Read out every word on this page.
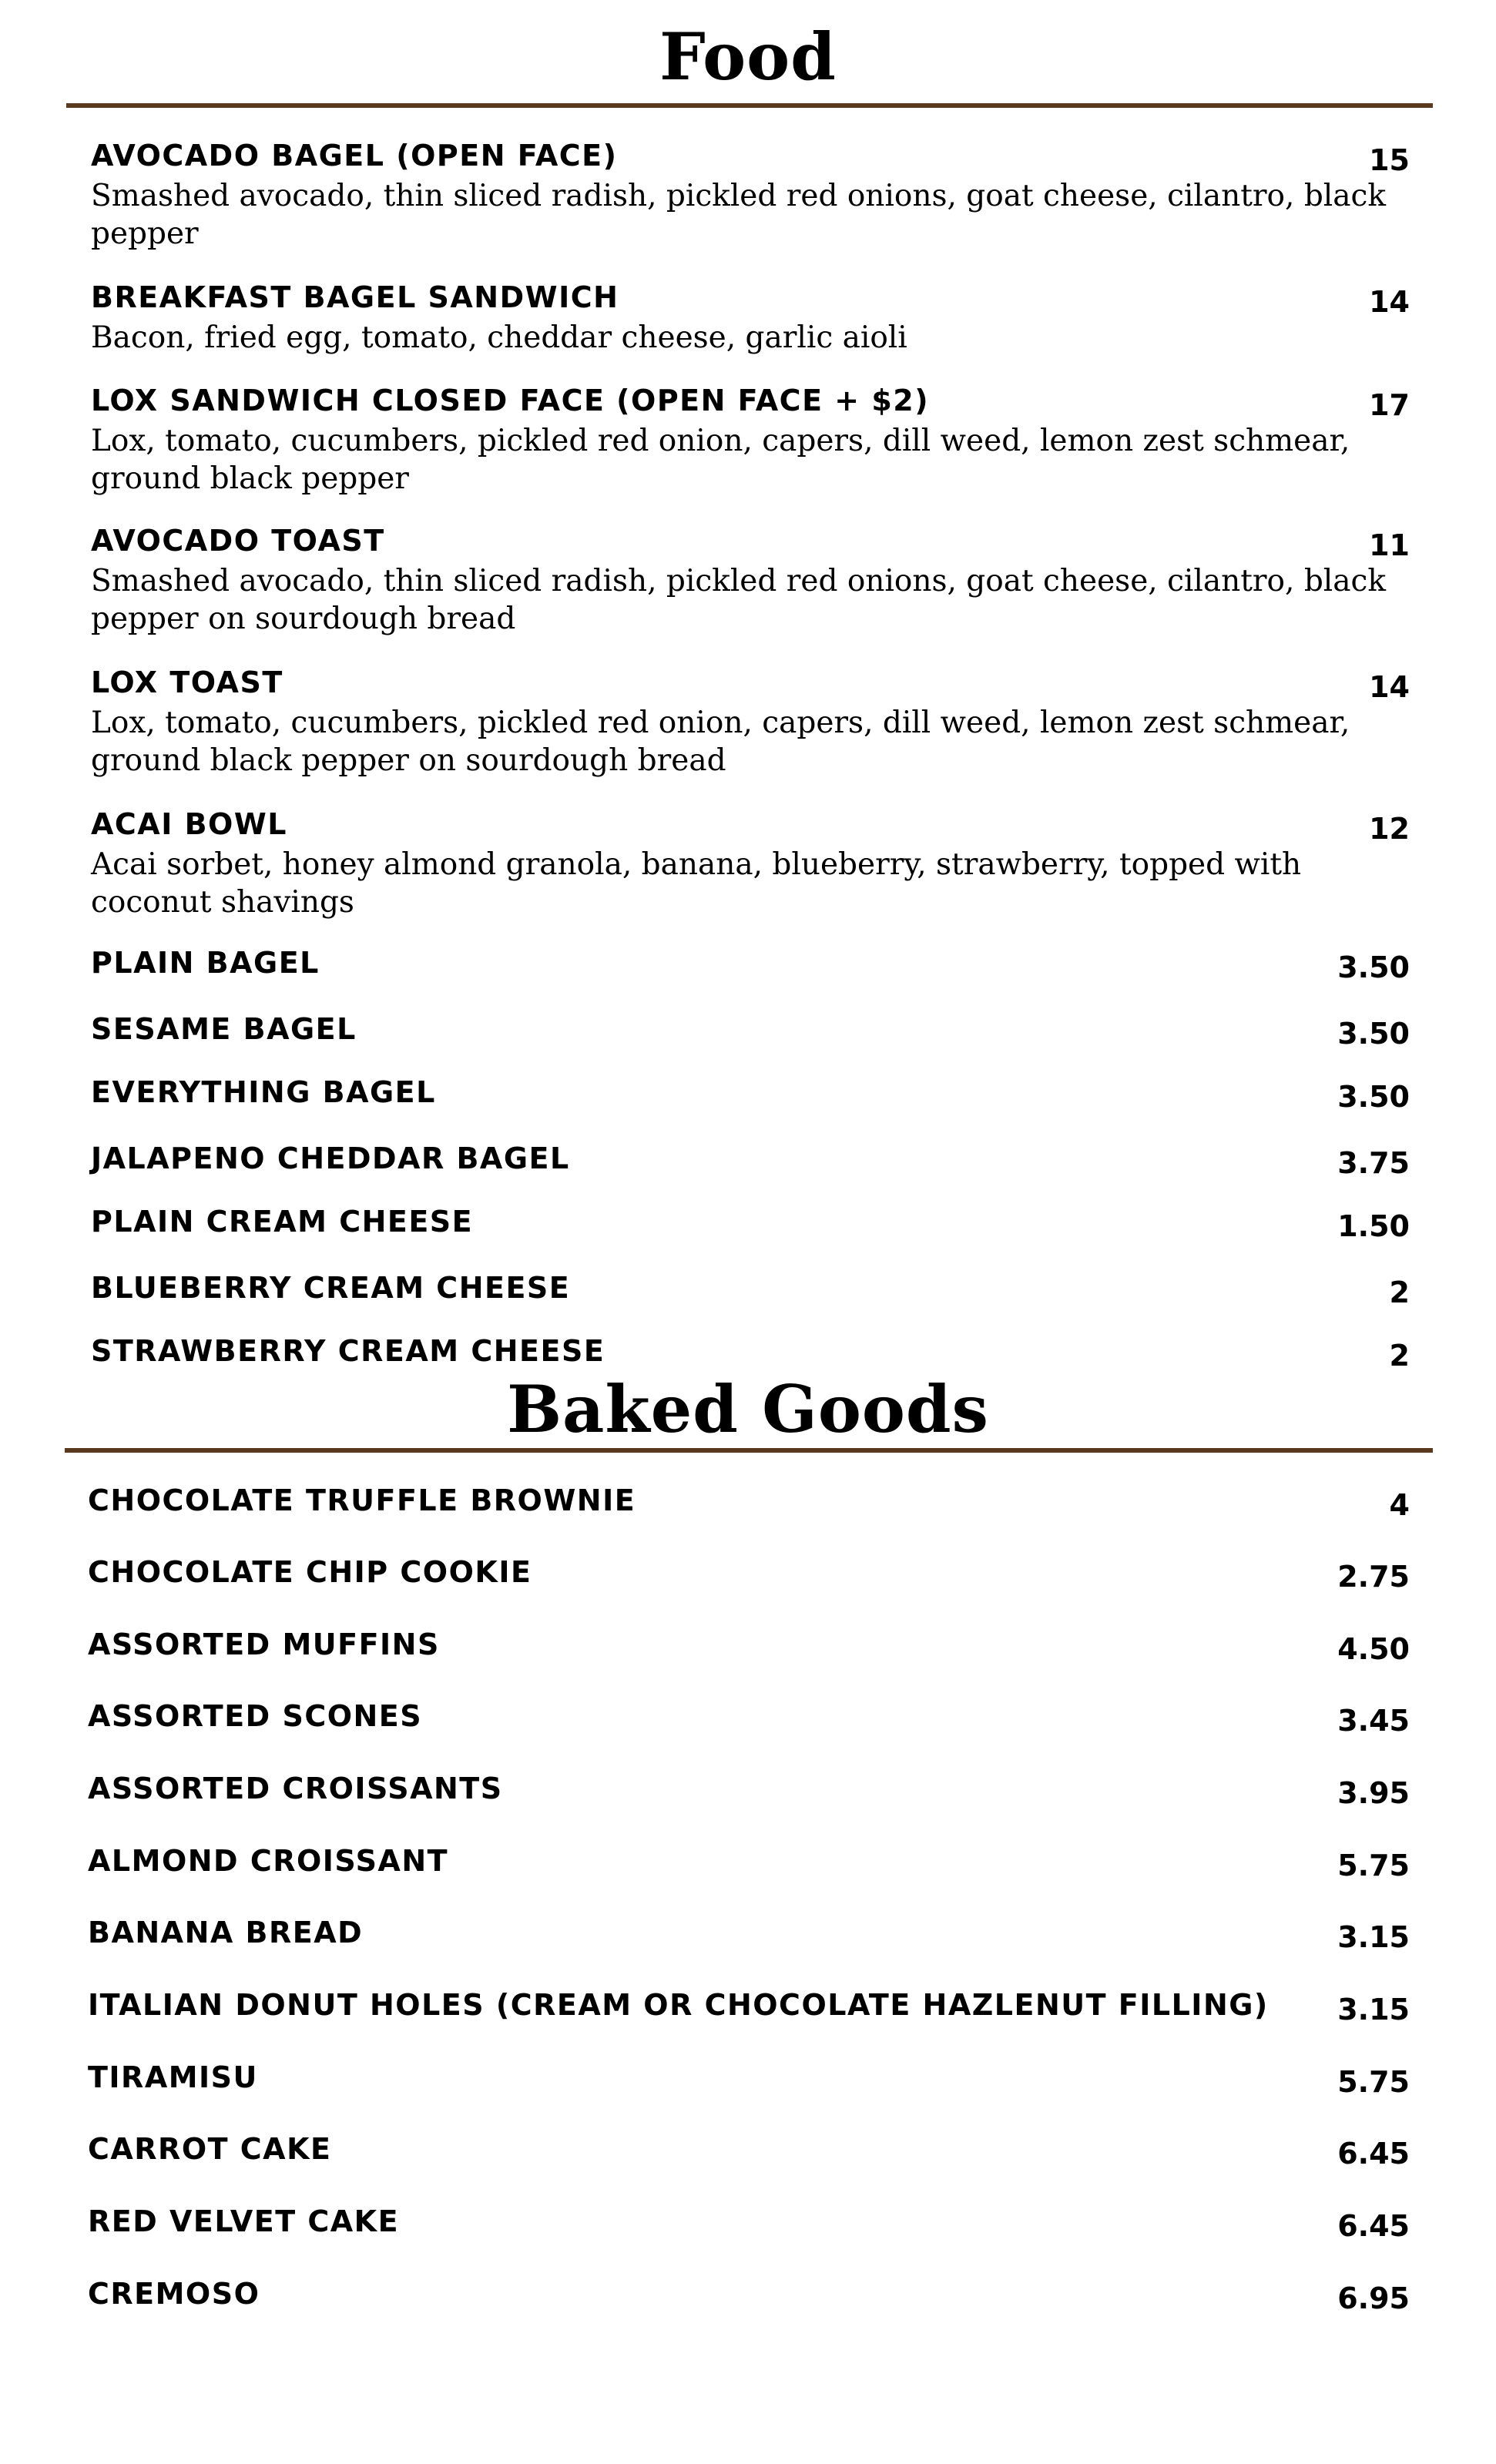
Food
AVOCADO BAGEL (OPEN FACE)	15
Smashed avocado, thin sliced radish, pickled red onions, goat cheese, cilantro, black pepper
BREAKFAST BAGEL SANDWICH	14
Bacon, fried egg, tomato, cheddar cheese, garlic aioli
LOX SANDWICH CLOSED FACE (OPEN FACE + $2)	17
Lox, tomato, cucumbers, pickled red onion, capers, dill weed, lemon zest schmear, ground black pepper
AVOCADO TOAST	11
Smashed avocado, thin sliced radish, pickled red onions, goat cheese, cilantro, black pepper on sourdough bread
LOX TOAST	14
Lox, tomato, cucumbers, pickled red onion, capers, dill weed, lemon zest schmear, ground black pepper on sourdough bread
ACAI BOWL	12
Acai sorbet, honey almond granola, banana, blueberry, strawberry, topped with coconut shavings
PLAIN BAGEL	3.50
SESAME BAGEL	3.50
EVERYTHING BAGEL	3.50
JALAPENO CHEDDAR BAGEL	3.75
PLAIN CREAM CHEESE	1.50
BLUEBERRY CREAM CHEESE	2
STRAWBERRY CREAM CHEESE	2
Baked Goods
CHOCOLATE TRUFFLE BROWNIE	4
CHOCOLATE CHIP COOKIE	2.75
ASSORTED MUFFINS	4.50
ASSORTED SCONES	3.45
ASSORTED CROISSANTS	3.95
ALMOND CROISSANT	5.75
BANANA BREAD	3.15
ITALIAN DONUT HOLES (CREAM OR CHOCOLATE HAZLENUT FILLING)	3.15
TIRAMISU	5.75
CARROT CAKE	6.45
RED VELVET CAKE	6.45
CREMOSO	6.95
